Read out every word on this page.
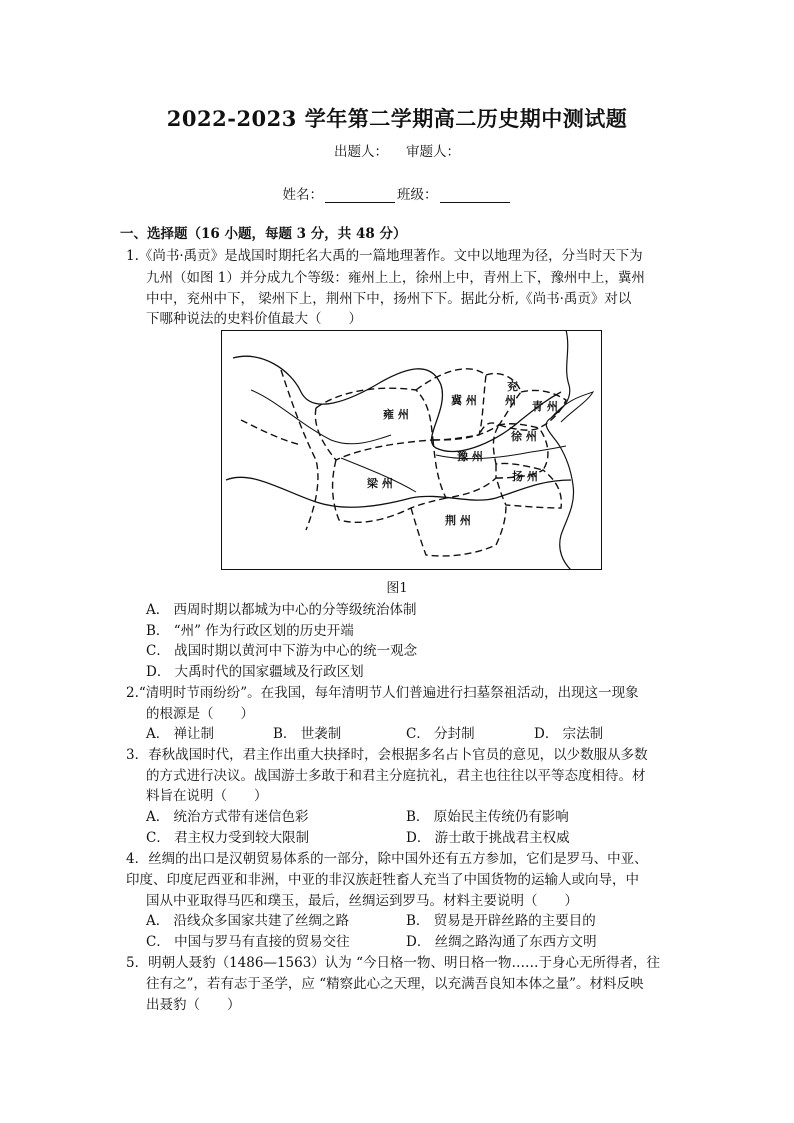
2022-2023 学年第二学期高二历史期中测试题
出题人： 审题人：
姓名：	班级：
一、选择题（16 小题，每题 3 分，共 48 分）
1.《尚书·禹贡》是战国时期托名大禹的一篇地理著作。文中以地理为径，分当时天下为
九州（如图 1）并分成九个等级：雍州上上，徐州上中，青州上下，豫州中上，冀州
中中，兖州中下， 梁州下上，荆州下中，扬州下下。据此分析,《尚书·禹贡》对以
下哪种说法的史料价值最大（　　）
雍 州
冀 州
兖
州 青 州
徐 州
豫 州
梁 州
扬 州
荆 州
图1
A． 西周时期以都城为中心的分等级统治体制
B． “州” 作为行政区划的历史开端
C． 战国时期以黄河中下游为中心的统一观念
D． 大禹时代的国家疆域及行政区划
2.“清明时节雨纷纷”。在我国，每年清明节人们普遍进行扫墓祭祖活动，出现这一现象
的根源是（　　）
A． 禅让制	B． 世袭制	C． 分封制	D． 宗法制
3．春秋战国时代，君主作出重大抉择时，会根据多名占卜官员的意见，以少数服从多数
的方式进行决议。战国游士多敢于和君主分庭抗礼，君主也往往以平等态度相待。材
料旨在说明（　　）
A． 统治方式带有迷信色彩	B． 原始民主传统仍有影响
C． 君主权力受到较大限制	D． 游士敢于挑战君主权威
4．丝绸的出口是汉朝贸易体系的一部分，除中国外还有五方参加，它们是罗马、中亚、
印度、印度尼西亚和非洲，中亚的非汉族赶牲畜人充当了中国货物的运输人或向导，中
国从中亚取得马匹和璞玉，最后，丝绸运到罗马。材料主要说明（　　）
A． 沿线众多国家共建了丝绸之路	B． 贸易是开辟丝路的主要目的
C． 中国与罗马有直接的贸易交往	D． 丝绸之路沟通了东西方文明
5．明朝人聂豹（1486—1563）认为 “今日格一物、明日格一物……于身心无所得者，往
往有之”，若有志于圣学，应 “精察此心之天理，以充满吾良知本体之量”。材料反映
出聂豹（　　）
